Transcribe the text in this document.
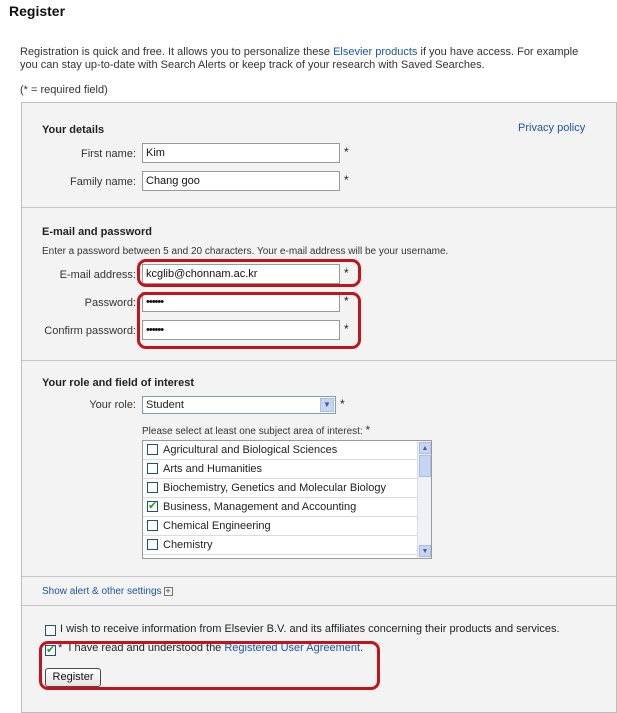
Register
Registration is quick and free. It allows you to personalize these Elsevier products if you have access. For example you can stay up-to-date with Search Alerts or keep track of your research with Saved Searches.
(* = required field)
Your details	Privacy policy
First name: Kim	*
Family name: Chang goo	*
E-mail and password
Enter a password between 5 and 20 characters. Your e-mail address will be your username.
E-mail address: kcglib@chonnam.ac.kr	*
Password: ••••••	*
Confirm password: ••••••	*
Your role and field of interest
Your role: Student	▼ *
Please select at least one subject area of interest: *
Agricultural and Biological Sciences
Arts and Humanities
Biochemistry, Genetics and Molecular Biology
✔
Business, Management and Accounting
Chemical Engineering
Chemistry
▲
▼
Show alert & other settings +
I wish to receive information from Elsevier B.V. and its affiliates concerning their products and services.
✔
* I have read and understood the Registered User Agreement.
Register
